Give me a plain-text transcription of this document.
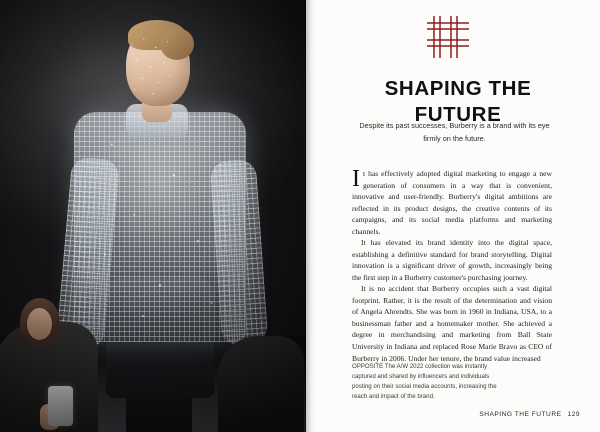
SHAPING THE FUTURE
Despite its past successes, Burberry is a brand with its eye firmly on the future.

It has effectively adopted digital marketing to engage a new generation of consumers in a way that is convenient, innovative and user-friendly. Burberry's digital ambitions are reflected in its product designs, the creative contents of its campaigns, and its social media platforms and marketing channels.

It has elevated its brand identity into the digital space, establishing a definitive standard for brand storytelling. Digital innovation is a significant driver of growth, increasingly being the first step in a Burberry customer's purchasing journey.

It is no accident that Burberry occupies such a vast digital footprint. Rather, it is the result of the determination and vision of Angela Ahrendts. She was born in 1960 in Indiana, USA, to a businessman father and a homemaker mother. She achieved a degree in merchandising and marketing from Ball State University in Indiana and replaced Rose Marie Bravo as CEO of Burberry in 2006. Under her tenure, the brand value increased

OPPOSITE The A/W 2022 collection was instantly captured and shared by influencers and individuals posting on their social media accounts, increasing the reach and impact of the brand.
SHAPING THE FUTURE 129
